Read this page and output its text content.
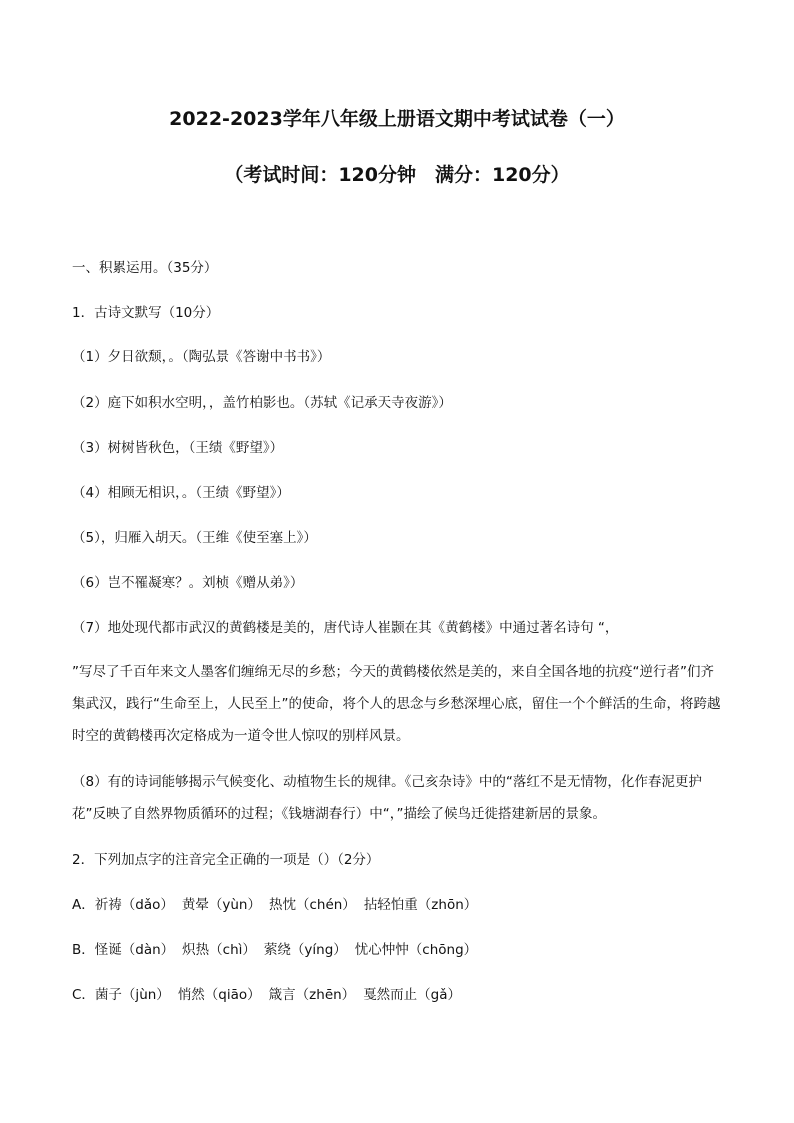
2022-2023学年八年级上册语文期中考试试卷（一）
（考试时间：120分钟　满分：120分）
一、积累运用。（35分）
1．古诗文默写（10分）
（1）夕日欲颓，。（陶弘景《答谢中书书》）
（2）庭下如积水空明，，盖竹柏影也。（苏轼《记承天寺夜游》）
（3）树树皆秋色，（王绩《野望》）
（4）相顾无相识，。（王绩《野望》）
（5），归雁入胡天。（王维《使至塞上》）
（6）岂不罹凝寒？。刘桢《赠从弟》）
（7）地处现代都市武汉的黄鹤楼是美的，唐代诗人崔颢在其《黄鹤楼》中通过著名诗句 “，
”写尽了千百年来文人墨客们缠绵无尽的乡愁；今天的黄鹤楼依然是美的，来自全国各地的抗疫“逆行者”们齐集武汉，践行“生命至上，人民至上”的使命，将个人的思念与乡愁深埋心底，留住一个个鲜活的生命，将跨越时空的黄鹤楼再次定格成为一道令世人惊叹的别样风景。
（8）有的诗词能够揭示气候变化、动植物生长的规律。《己亥杂诗》中的“落红不是无情物，化作春泥更护花”反映了自然界物质循环的过程；《钱塘湖春行）中“，”描绘了候鸟迁徙搭建新居的景象。
2．下列加点字的注音完全正确的一项是（）（2分）
A．祈祷（dǎo） 黄晕（yùn） 热忱（chén） 拈轻怕重（zhōn）
B．怪诞（dàn） 炽热（chì） 萦绕（yíng） 忧心忡忡（chōng）
C．菌子（jùn） 悄然（qiāo） 箴言（zhēn） 戛然而止（gǎ）
